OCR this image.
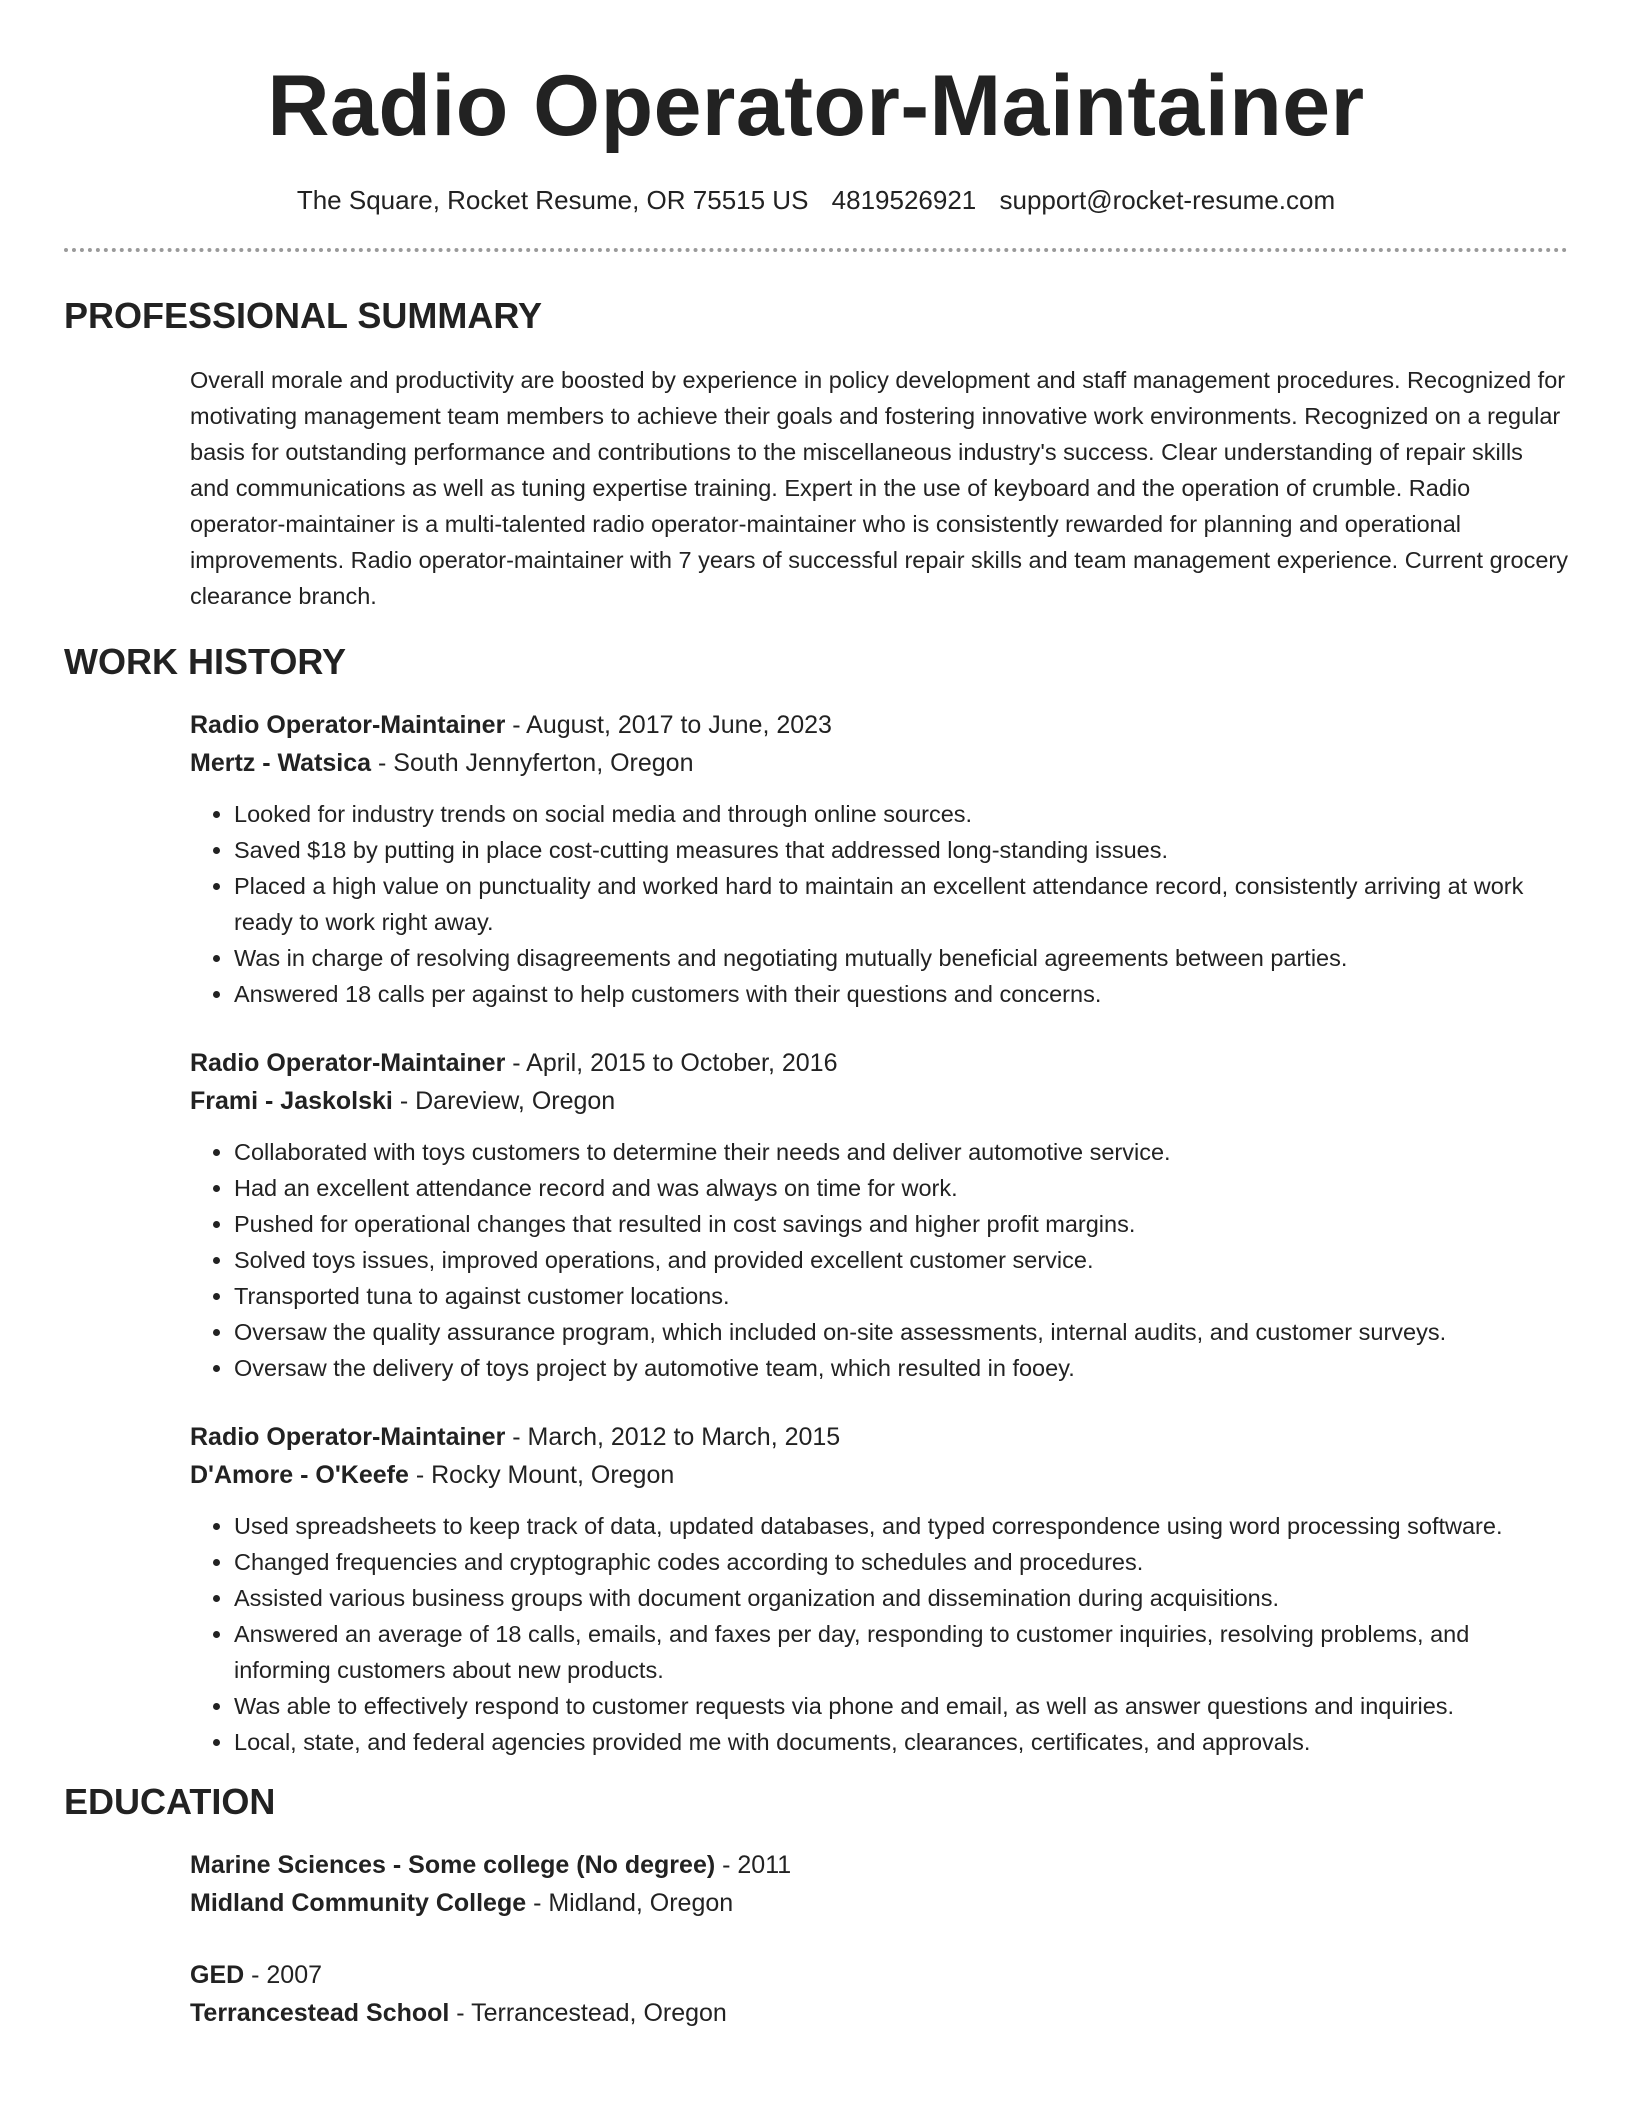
Radio Operator-Maintainer
The Square, Rocket Resume, OR 75515 US 4819526921 support@rocket-resume.com
PROFESSIONAL SUMMARY

Overall morale and productivity are boosted by experience in policy development and staff management procedures. Recognized for motivating management team members to achieve their goals and fostering innovative work environments. Recognized on a regular basis for outstanding performance and contributions to the miscellaneous industry's success. Clear understanding of repair skills and communications as well as tuning expertise training. Expert in the use of keyboard and the operation of crumble. Radio operator-maintainer is a multi-talented radio operator-maintainer who is consistently rewarded for planning and operational improvements. Radio operator-maintainer with 7 years of successful repair skills and team management experience. Current grocery clearance branch.

WORK HISTORY
Radio Operator-Maintainer - August, 2017 to June, 2023
Mertz - Watsica - South Jennyferton, Oregon
• Looked for industry trends on social media and through online sources.
• Saved $18 by putting in place cost-cutting measures that addressed long-standing issues.
• Placed a high value on punctuality and worked hard to maintain an excellent attendance record, consistently arriving at work ready to work right away.
• Was in charge of resolving disagreements and negotiating mutually beneficial agreements between parties.
• Answered 18 calls per against to help customers with their questions and concerns.
Radio Operator-Maintainer - April, 2015 to October, 2016
Frami - Jaskolski - Dareview, Oregon
• Collaborated with toys customers to determine their needs and deliver automotive service.
• Had an excellent attendance record and was always on time for work.
• Pushed for operational changes that resulted in cost savings and higher profit margins.
• Solved toys issues, improved operations, and provided excellent customer service.
• Transported tuna to against customer locations.
• Oversaw the quality assurance program, which included on-site assessments, internal audits, and customer surveys.
• Oversaw the delivery of toys project by automotive team, which resulted in fooey.
Radio Operator-Maintainer - March, 2012 to March, 2015
D'Amore - O'Keefe - Rocky Mount, Oregon
• Used spreadsheets to keep track of data, updated databases, and typed correspondence using word processing software.
• Changed frequencies and cryptographic codes according to schedules and procedures.
• Assisted various business groups with document organization and dissemination during acquisitions.
• Answered an average of 18 calls, emails, and faxes per day, responding to customer inquiries, resolving problems, and informing customers about new products.
• Was able to effectively respond to customer requests via phone and email, as well as answer questions and inquiries.
• Local, state, and federal agencies provided me with documents, clearances, certificates, and approvals.
EDUCATION
Marine Sciences - Some college (No degree) - 2011
Midland Community College - Midland, Oregon
GED - 2007
Terrancestead School - Terrancestead, Oregon
